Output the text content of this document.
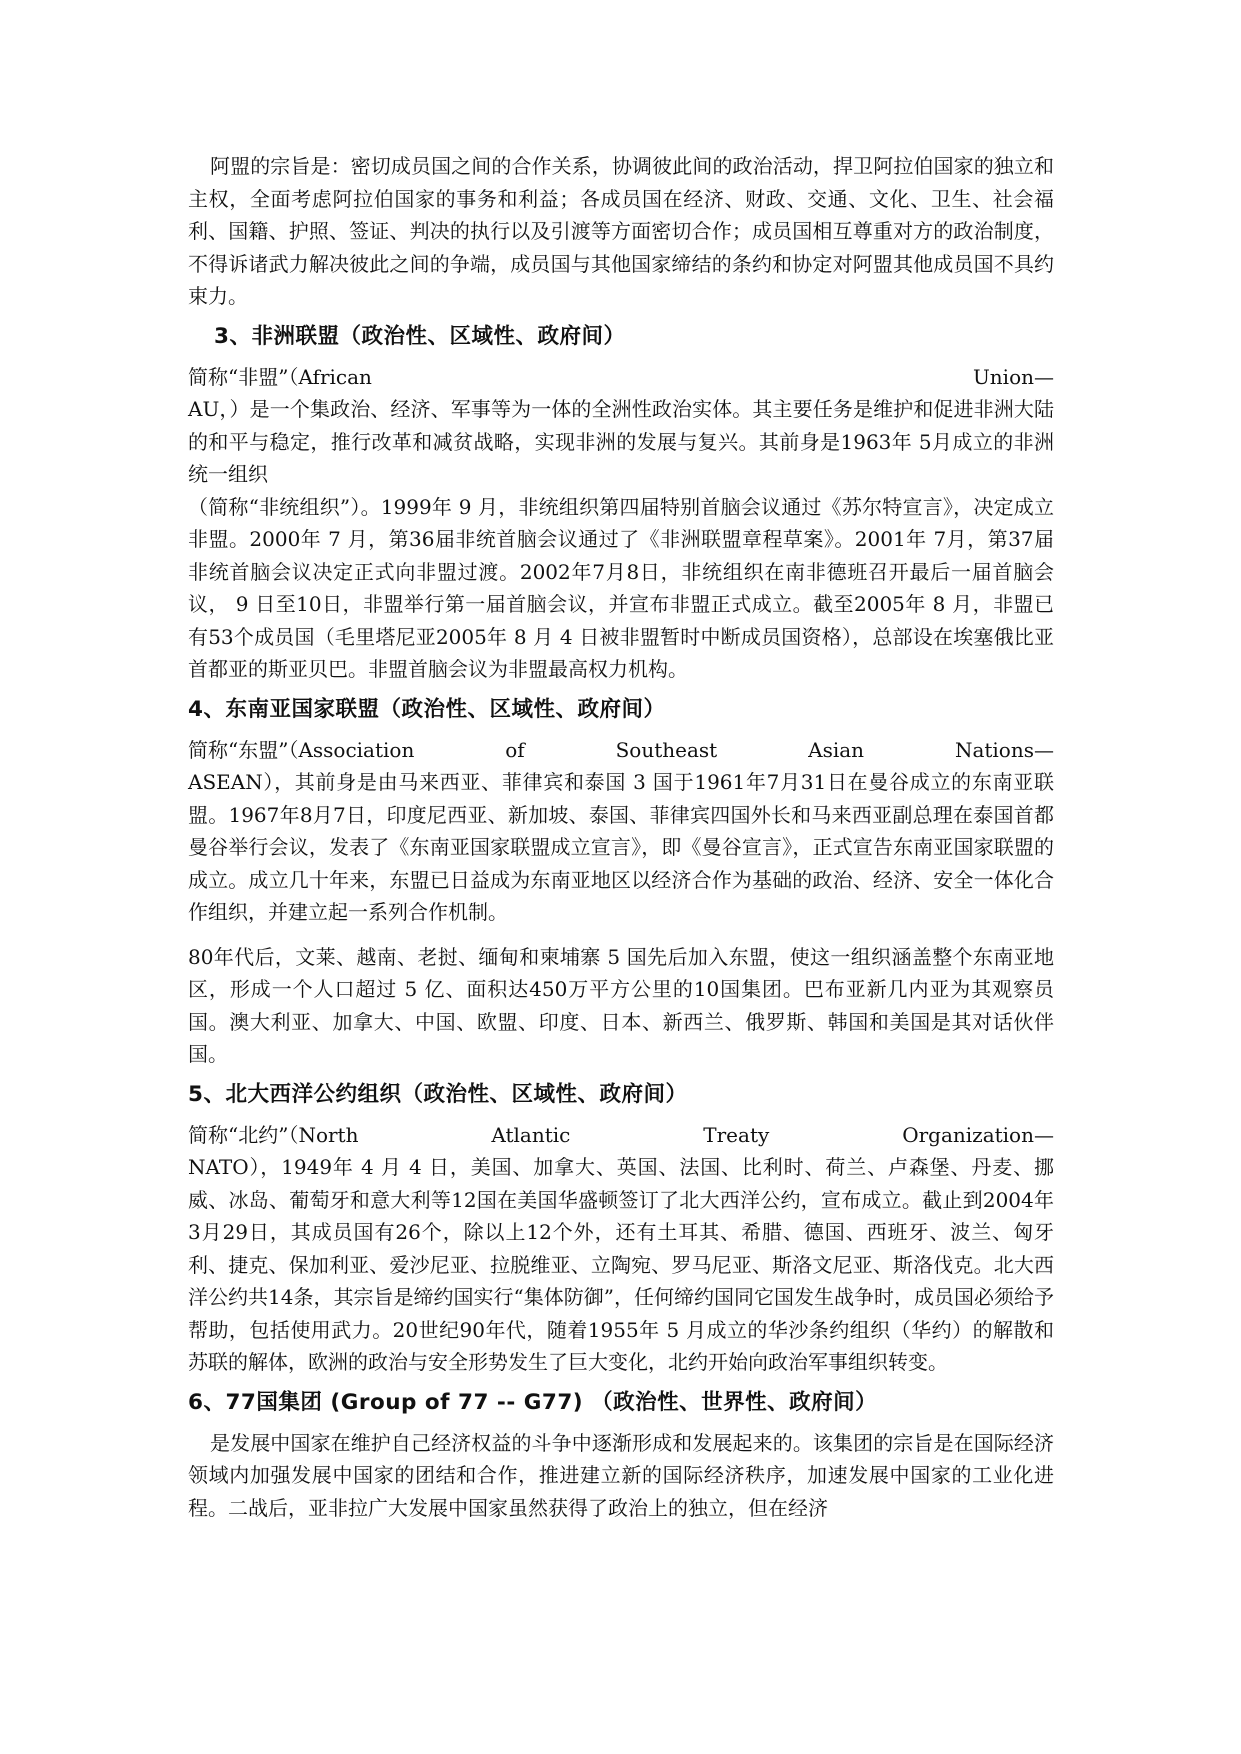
阿盟的宗旨是：密切成员国之间的合作关系，协调彼此间的政治活动，捍卫阿拉伯国家的独立和主权，全面考虑阿拉伯国家的事务和利益；各成员国在经济、财政、交通、文化、卫生、社会福利、国籍、护照、签证、判决的执行以及引渡等方面密切合作；成员国相互尊重对方的政治制度，不得诉诸武力解决彼此之间的争端，成员国与其他国家缔结的条约和协定对阿盟其他成员国不具约束力。

3、非洲联盟（政治性、区域性、政府间）
简称“非盟”（African	Union—

AU，）是一个集政治、经济、军事等为一体的全洲性政治实体。其主要任务是维护和促进非洲大陆的和平与稳定，推行改革和减贫战略，实现非洲的发展与复兴。其前身是1963年 5月成立的非洲统一组织

（简称“非统组织”）。1999年 9 月，非统组织第四届特别首脑会议通过《苏尔特宣言》，决定成立非盟。2000年 7 月，第36届非统首脑会议通过了《非洲联盟章程草案》。2001年 7月，第37届非统首脑会议决定正式向非盟过渡。2002年7月8日，非统组织在南非德班召开最后一届首脑会议， 9 日至10日，非盟举行第一届首脑会议，并宣布非盟正式成立。截至2005年 8 月，非盟已有53个成员国（毛里塔尼亚2005年 8 月 4 日被非盟暂时中断成员国资格），总部设在埃塞俄比亚首都亚的斯亚贝巴。非盟首脑会议为非盟最高权力机构。

4、东南亚国家联盟（政治性、区域性、政府间）
简称“东盟”（Association	of	Southeast	Asian	Nations—

ASEAN），其前身是由马来西亚、菲律宾和泰国 3 国于1961年7月31日在曼谷成立的东南亚联盟。1967年8月7日，印度尼西亚、新加坡、泰国、菲律宾四国外长和马来西亚副总理在泰国首都曼谷举行会议，发表了《东南亚国家联盟成立宣言》，即《曼谷宣言》，正式宣告东南亚国家联盟的成立。成立几十年来，东盟已日益成为东南亚地区以经济合作为基础的政治、经济、安全一体化合作组织，并建立起一系列合作机制。

80年代后，文莱、越南、老挝、缅甸和柬埔寨 5 国先后加入东盟，使这一组织涵盖整个东南亚地区，形成一个人口超过 5 亿、面积达450万平方公里的10国集团。巴布亚新几内亚为其观察员国。澳大利亚、加拿大、中国、欧盟、印度、日本、新西兰、俄罗斯、韩国和美国是其对话伙伴国。

5、北大西洋公约组织（政治性、区域性、政府间）
简称“北约”（North	Atlantic	Treaty	Organization—

NATO），1949年 4 月 4 日，美国、加拿大、英国、法国、比利时、荷兰、卢森堡、丹麦、挪威、冰岛、葡萄牙和意大利等12国在美国华盛顿签订了北大西洋公约，宣布成立。截止到2004年3月29日，其成员国有26个，除以上12个外，还有土耳其、希腊、德国、西班牙、波兰、匈牙利、捷克、保加利亚、爱沙尼亚、拉脱维亚、立陶宛、罗马尼亚、斯洛文尼亚、斯洛伐克。北大西洋公约共14条，其宗旨是缔约国实行“集体防御”，任何缔约国同它国发生战争时，成员国必须给予帮助，包括使用武力。20世纪90年代，随着1955年 5 月成立的华沙条约组织（华约）的解散和苏联的解体，欧洲的政治与安全形势发生了巨大变化，北约开始向政治军事组织转变。

6、77国集团 (Group of 77 -- G77) （政治性、世界性、政府间）

是发展中国家在维护自己经济权益的斗争中逐渐形成和发展起来的。该集团的宗旨是在国际经济领域内加强发展中国家的团结和合作，推进建立新的国际经济秩序，加速发展中国家的工业化进程。二战后，亚非拉广大发展中国家虽然获得了政治上的独立，但在经济
